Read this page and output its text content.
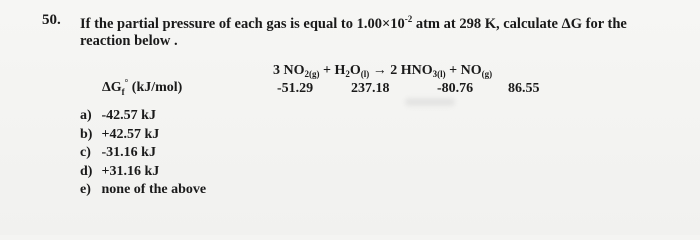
50. If the partial pressure of each gas is equal to $1.00\times 10^{-2}$ atm at 298 K, calculate ΔG for the
reaction below .
3 $NO_{2(g)} + H_2O_{(l)} \to 2$ $HNO_{3(l)} + NO_{(g)}$
$\Delta G_f^\circ$ (kJ/mol)	-51.29	237.18	-80.76 86.55
a) -42.57 kJ
b) +42.57 kJ
c) -31.16 kJ
d) +31.16 kJ
e) none of the above
